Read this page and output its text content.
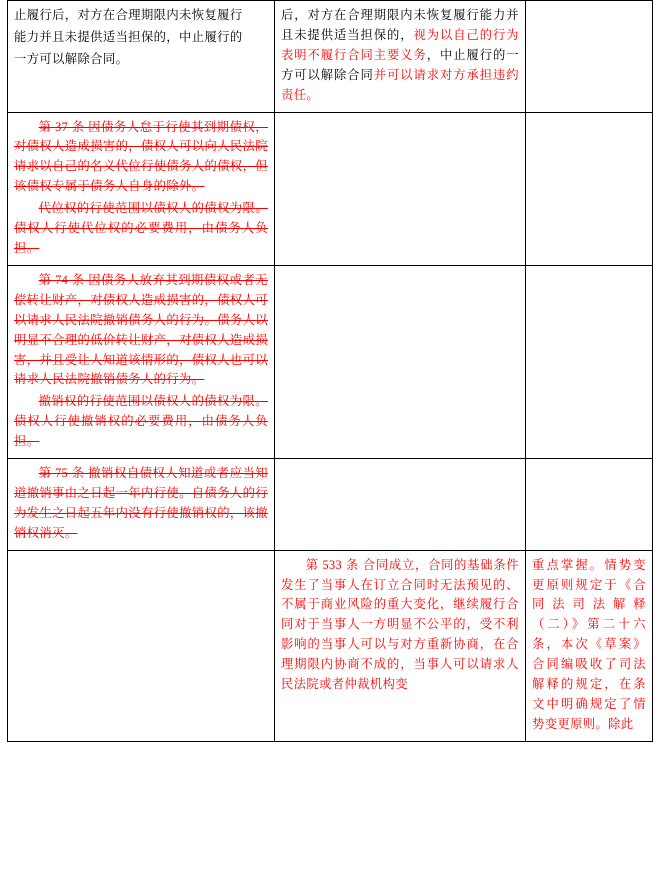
止履行后，对方在合理期限内未恢复履行

能力并且未提供适当担保的，中止履行的

一方可以解除合同。	后，对方在合理期限内未恢复履行能力并且未提供适当担保的，视为以自己的行为表明不履行合同主要义务，中止履行的一方可以解除合同并可以请求对方承担违约责任。	

第 37 条 因债务人怠于行使其到期债权，对债权人造成损害的，债权人可以向人民法院请求以自己的名义代位行使债务人的债权，但该债权专属于债务人自身的除外。

代位权的行使范围以债权人的债权为限。债权人行使代位权的必要费用，由债务人负担。		

第 74 条 因债务人放弃其到期债权或者无偿转让财产，对债权人造成损害的，债权人可以请求人民法院撤销债务人的行为。债务人以明显不合理的低价转让财产，对债权人造成损害，并且受让人知道该情形的，债权人也可以请求人民法院撤销债务人的行为。

撤销权的行使范围以债权人的债权为限。债权人行使撤销权的必要费用，由债务人负担。		

第 75 条 撤销权自债权人知道或者应当知道撤销事由之日起一年内行使。自债务人的行为发生之日起五年内没有行使撤销权的，该撤销权消灭。		

	第 533 条 合同成立，合同的基础条件发生了当事人在订立合同时无法预见的、不属于商业风险的重大变化，继续履行合同对于当事人一方明显不公平的，受不利影响的当事人可以与对方重新协商，在合理期限内协商不成的，当事人可以请求人民法院或者仲裁机构变	重点掌握。情势变更原则规定于《合同法司法解释（二）》第二十六条，本次《草案》合同编吸收了司法解释的规定，在条文中明确规定了情势变更原则。除此
